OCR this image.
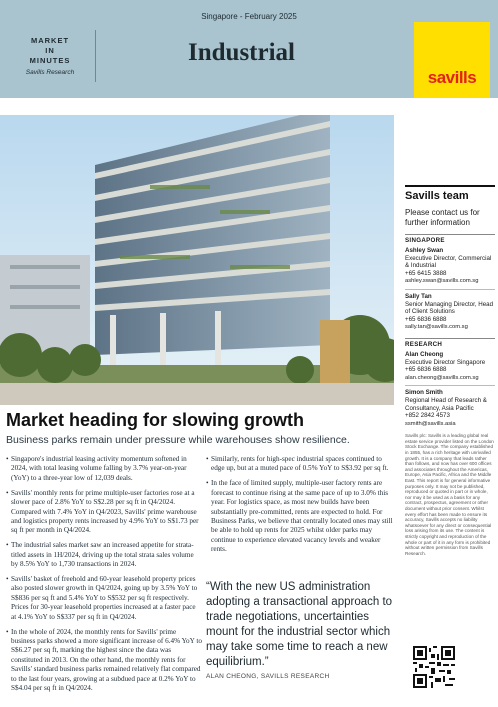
Singapore - February 2025
MARKET
IN
MINUTES
Savills Research
Industrial
savills
Market heading for slowing growth
Business parks remain under pressure while warehouses show resilience.

• Singapore's industrial leasing activity momentum softened in 2024, with total leasing volume falling by 3.7% year-on-year (YoY) to a three-year low of 12,039 deals.

• Savills' monthly rents for prime multiple-user factories rose at a slower pace of 2.8% YoY to S$2.28 per sq ft in Q4/2024. Compared with 7.4% YoY in Q4/2023, Savills' prime warehouse and logistics property rents increased by 4.9% YoY to S$1.73 per sq ft per month in Q4/2024.

• The industrial sales market saw an increased appetite for strata-titled assets in 1H/2024, driving up the total strata sales volume by 8.5% YoY to 1,730 transactions in 2024.

• Savills' basket of freehold and 60-year leasehold property prices also posted slower growth in Q4/2024, going up by 3.5% YoY to S$836 per sq ft and 5.4% YoY to S$532 per sq ft respectively. Prices for 30-year leasehold properties increased at a faster pace at 4.1% YoY to S$337 per sq ft in Q4/2024.

• In the whole of 2024, the monthly rents for Savills' prime business parks showed a more significant increase of 6.4% YoY to S$6.27 per sq ft, marking the highest since the data was constituted in 2013. On the other hand, the monthly rents for Savills' standard business parks remained relatively flat compared to the last four years, growing at a subdued pace at 0.2% YoY to S$4.04 per sq ft in Q4/2024.

• Similarly, rents for high-spec industrial spaces continued to edge up, but at a muted pace of 0.5% YoY to S$3.92 per sq ft.

• In the face of limited supply, multiple-user factory rents are forecast to continue rising at the same pace of up to 3.0% this year. For logistics space, as most new builds have been substantially pre-committed, rents are expected to hold. For Business Parks, we believe that centrally located ones may still be able to hold up rents for 2025 whilst older parks may continue to experience elevated vacancy levels and weaker rents.

“With the new US administration adopting a transactional approach to trade negotiations, uncertainties mount for the industrial sector which may take some time to reach a new equilibrium.”
ALAN CHEONG, SAVILLS RESEARCH
Savills team
Please contact us for further information
SINGAPORE
Ashley Swan
Executive Director, Commercial & Industrial
+65 6415 3888
ashley.swan@savills.com.sg
Sally Tan
Senior Managing Director, Head of Client Solutions
+65 6836 6888
sally.tan@savills.com.sg
RESEARCH
Alan Cheong
Executive Director Singapore
+65 6836 6888
alan.cheong@savills.com.sg
Simon Smith
Regional Head of Research & Consultancy, Asia Pacific
+852 2842 4573
ssmith@savills.asia
Savills plc: Savills is a leading global real estate service provider listed on the London Stock Exchange. The company established in 1855, has a rich heritage with unrivalled growth. It is a company that leads rather than follows, and now has over 600 offices and associates throughout the Americas, Europe, Asia Pacific, Africa and the Middle East. This report is for general informative purposes only. It may not be published, reproduced or quoted in part or in whole, nor may it be used as a basis for any contract, prospectus, agreement or other document without prior consent. Whilst every effort has been made to ensure its accuracy, Savills accepts no liability whatsoever for any direct or consequential loss arising from its use. The content is strictly copyright and reproduction of the whole or part of it in any form is prohibited without written permission from Savills Research.
